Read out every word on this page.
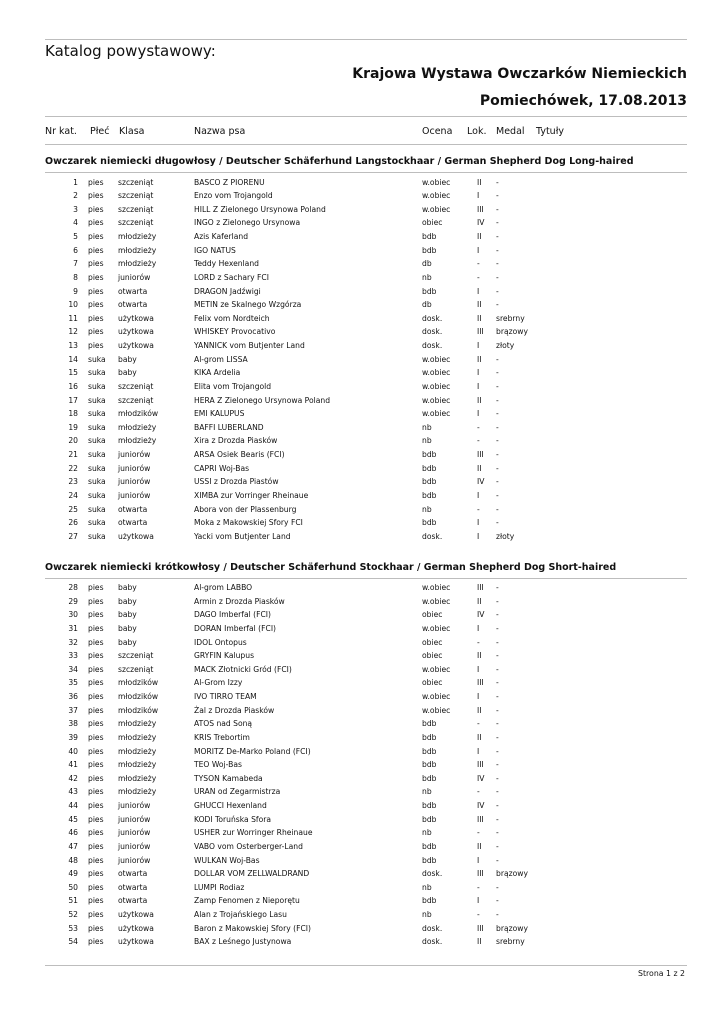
Katalog powystawowy:
Krajowa Wystawa Owczarków Niemieckich
Pomiechówek, 17.08.2013
Nr kat. Płeć Klasa	Nazwa psa	Ocena Lok. Medal Tytuły
Owczarek niemiecki długowłosy / Deutscher Schäferhund Langstockhaar / German Shepherd Dog Long-haired
1 pies szczeniąt	BASCO Z PIORENU	w.obiec	II -
2 pies szczeniąt	Enzo vom Trojangold	w.obiec	I -
3 pies szczeniąt	HILL Z Zielonego Ursynowa Poland	w.obiec	III -
4 pies szczeniąt	INGO z Zielonego Ursynowa	obiec	IV -
5 pies młodzieży	Azis Kaferland	bdb	II -
6 pies młodzieży	IGO NATUS	bdb	I -
7 pies młodzieży	Teddy Hexenland	db	- -
8 pies juniorów	LORD z Sachary FCI	nb	- -
9 pies otwarta	DRAGON Jadźwigi	bdb	I -
10 pies otwarta	METIN ze Skalnego Wzgórza	db	II -
11 pies użytkowa	Felix vom Nordteich	dosk.	II srebrny
12 pies użytkowa	WHISKEY Provocativo	dosk.	III brązowy
13 pies użytkowa	YANNICK vom Butjenter Land	dosk.	I złoty
14 suka baby	Al-grom LISSA	w.obiec	II -
15 suka baby	KIKA Ardelia	w.obiec	I -
16 suka szczeniąt	Elita vom Trojangold	w.obiec	I -
17 suka szczeniąt	HERA Z Zielonego Ursynowa Poland	w.obiec	II -
18 suka młodzików	EMI KALUPUS	w.obiec	I -
19 suka młodzieży	BAFFI LUBERLAND	nb	- -
20 suka młodzieży	Xira z Drozda Piasków	nb	- -
21 suka juniorów	ARSA Osiek Bearis (FCI)	bdb	III -
22 suka juniorów	CAPRI Woj-Bas	bdb	II -
23 suka juniorów	USSI z Drozda Piastów	bdb	IV -
24 suka juniorów	XIMBA zur Vorringer Rheinaue	bdb	I -
25 suka otwarta	Abora von der Plassenburg	nb	- -
26 suka otwarta	Moka z Makowskiej Sfory FCI	bdb	I -
27 suka użytkowa	Yacki vom Butjenter Land	dosk.	I złoty
Owczarek niemiecki krótkowłosy / Deutscher Schäferhund Stockhaar / German Shepherd Dog Short-haired
28 pies baby	Al-grom LABBO	w.obiec	III -
29 pies baby	Armin z Drozda Piasków	w.obiec	II -
30 pies baby	DAGO Imberfal (FCI)	obiec	IV -
31 pies baby	DORAN Imberfal (FCI)	w.obiec	I -
32 pies baby	IDOL Ontopus	obiec	- -
33 pies szczeniąt	GRYFIN Kalupus	obiec	II -
34 pies szczeniąt	MACK Złotnicki Gród (FCI)	w.obiec	I -
35 pies młodzików	Al-Grom Izzy	obiec	III -
36 pies młodzików	IVO TIRRO TEAM	w.obiec	I -
37 pies młodzików	Żal z Drozda Piasków	w.obiec	II -
38 pies młodzieży	ATOS nad Soną	bdb	- -
39 pies młodzieży	KRIS Trebortim	bdb	II -
40 pies młodzieży	MORITZ De-Marko Poland (FCI)	bdb	I -
41 pies młodzieży	TEO Woj-Bas	bdb	III -
42 pies młodzieży	TYSON Kamabeda	bdb	IV -
43 pies młodzieży	URAN od Zegarmistrza	nb	- -
44 pies juniorów	GHUCCI Hexenland	bdb	IV -
45 pies juniorów	KODI Toruńska Sfora	bdb	III -
46 pies juniorów	USHER zur Worringer Rheinaue	nb	- -
47 pies juniorów	VABO vom Osterberger-Land	bdb	II -
48 pies juniorów	WULKAN Woj-Bas	bdb	I -
49 pies otwarta	DOLLAR VOM ZELLWALDRAND	dosk.	III brązowy
50 pies otwarta	LUMPI Rodiaz	nb	- -
51 pies otwarta	Zamp Fenomen z Nieporętu	bdb	I -
52 pies użytkowa	Alan z Trojańskiego Lasu	nb	- -
53 pies użytkowa	Baron z Makowskiej Sfory (FCI)	dosk.	III brązowy
54 pies użytkowa	BAX z Leśnego Justynowa	dosk.	II srebrny
Strona 1 z 2
